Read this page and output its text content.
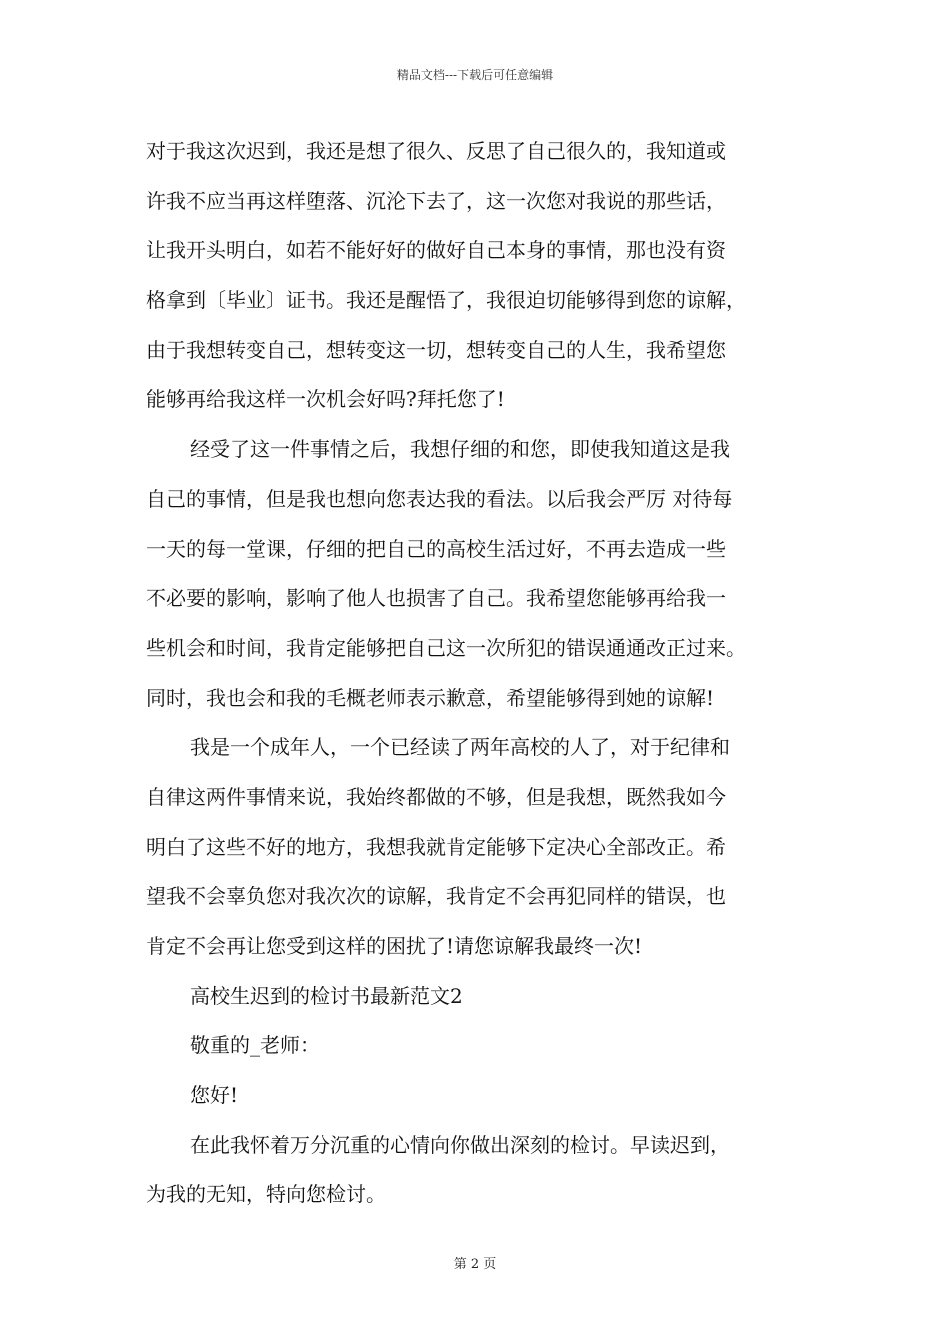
精品文档---下载后可任意编辑
对于我这次迟到，我还是想了很久、反思了自己很久的，我知道或
许我不应当再这样堕落、沉沦下去了，这一次您对我说的那些话，
让我开头明白，如若不能好好的做好自己本身的事情，那也没有资
格拿到〔毕业〕证书。我还是醒悟了，我很迫切能够得到您的谅解，
由于我想转变自己，想转变这一切，想转变自己的人生，我希望您
能够再给我这样一次机会好吗?拜托您了!
经受了这一件事情之后，我想仔细的和您，即使我知道这是我
自己的事情，但是我也想向您表达我的看法。以后我会严厉 对待每
一天的每一堂课，仔细的把自己的高校生活过好，不再去造成一些
不必要的影响，影响了他人也损害了自己。我希望您能够再给我一
些机会和时间，我肯定能够把自己这一次所犯的错误通通改正过来。
同时，我也会和我的毛概老师表示歉意，希望能够得到她的谅解!
我是一个成年人，一个已经读了两年高校的人了，对于纪律和
自律这两件事情来说，我始终都做的不够，但是我想，既然我如今
明白了这些不好的地方，我想我就肯定能够下定决心全部改正。希
望我不会辜负您对我次次的谅解，我肯定不会再犯同样的错误，也
肯定不会再让您受到这样的困扰了!请您谅解我最终一次!
高校生迟到的检讨书最新范文2
敬重的_老师：
您好!
在此我怀着万分沉重的心情向你做出深刻的检讨。早读迟到，
为我的无知，特向您检讨。
第 2 页
